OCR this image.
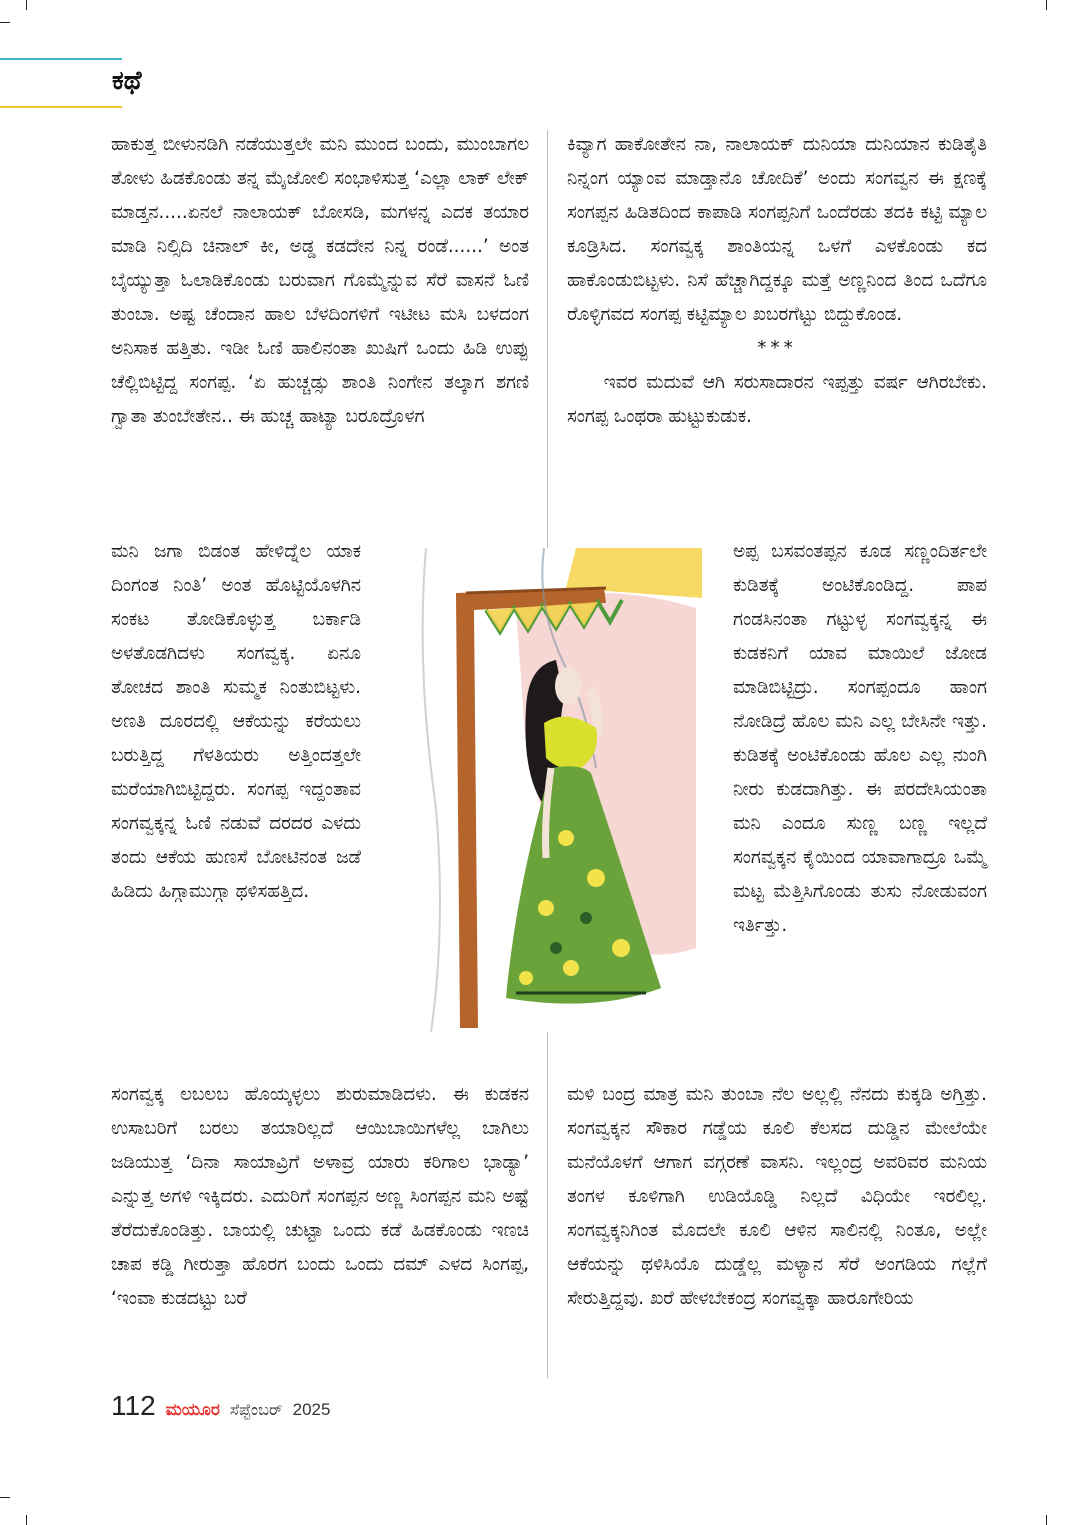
ಕಥೆ

ಹಾಕುತ್ತ ಬೀಳುನಡಿಗಿ ನಡೆಯುತ್ತಲೇ ಮನಿ ಮುಂದ ಬಂದು, ಮುಂಬಾಗಲ ತೋಳು ಹಿಡಕೊಂಡು ತನ್ನ ಮೈಜೋಲಿ ಸಂಭಾಳಿಸುತ್ತ ‘ಎಲ್ಲಾ ಲಾಕ್ ಲೇಕ್ ಮಾಡ್ತನ.....ಏನಲೆ ನಾಲಾಯಕ್ ಬೋಸಡಿ, ಮಗಳನ್ನ ಎದಕ ತಯಾರ ಮಾಡಿ ನಿಲ್ಸಿದಿ ಚಿನಾಲ್ ಕೀ, ಅಡ್ಡ ಕಡದೇನ ನಿನ್ನ ರಂಡೆ......’ ಅಂತ ಬೈಯ್ಯುತ್ತಾ ಓಲಾಡಿಕೊಂಡು ಬರುವಾಗ ಗೊಮ್ಮೆನ್ನುವ ಸೆರೆ ವಾಸನೆ ಓಣಿ ತುಂಬಾ. ಅಷ್ಟ ಚೆಂದಾನ ಹಾಲ ಬೆಳದಿಂಗಳಿಗೆ ಇಟೀಟ ಮಸಿ ಬಳದಂಗ ಅನಿಸಾಕ ಹತ್ತಿತು. ಇಡೀ ಓಣಿ ಹಾಲಿನಂತಾ ಖುಷಿಗೆ ಒಂದು ಹಿಡಿ ಉಪ್ಪು ಚೆಲ್ಲಿಬಿಟ್ಟಿದ್ದ ಸಂಗಪ್ಪ. ‘ಏ ಹುಚ್ಚಡ್ಸು ಶಾಂತಿ ನಿಂಗೇನ ತಲ್ಕಾಗ ಶಗಣಿ ಗ್ವಾತಾ ತುಂಬೇತೇನ.. ಈ ಹುಚ್ಚ ಹಾಟ್ಯಾ ಬರೂದ್ರೊಳಗ

ಮನಿ ಜಗಾ ಬಿಡಂತ ಹೇಳಿದ್ನೆಲ ಯಾಕ ದಿಂಗಂತ ನಿಂತಿ’ ಅಂತ ಹೊಟ್ಟಿಯೊಳಗಿನ ಸಂಕಟ ತೋಡಿಕೊಳ್ಳುತ್ತ ಬರ್ಕಾಡಿ ಅಳತೊಡಗಿದಳು ಸಂಗವ್ವಕ್ಕ. ಏನೂ ತೋಚದ ಶಾಂತಿ ಸುಮ್ಮಕ ನಿಂತುಬಿಟ್ಟಳು. ಅಣತಿ ದೂರದಲ್ಲಿ ಆಕೆಯನ್ನು ಕರೆಯಲು ಬರುತ್ತಿದ್ದ ಗೆಳತಿಯರು ಅತ್ತಿಂದತ್ತಲೇ ಮರೆಯಾಗಿಬಿಟ್ಟಿದ್ದರು. ಸಂಗಪ್ಪ ಇದ್ದಂತಾವ ಸಂಗವ್ವಕ್ಕನ್ನ ಓಣಿ ನಡುವೆ ದರದರ ಎಳದು ತಂದು ಆಕೆಯ ಹುಣಸೆ ಬೋಟಿನಂತ ಜಡೆ ಹಿಡಿದು ಹಿಗ್ಗಾಮುಗ್ಗಾ ಥಳಿಸಹತ್ತಿದ.

ಸಂಗವ್ವಕ್ಕ ಲಬಲಬ ಹೊಯ್ಕಳ್ಳಲು ಶುರುಮಾಡಿದಳು. ಈ ಕುಡಕನ ಉಸಾಬರಿಗೆ ಬರಲು ತಯಾರಿಲ್ಲದೆ ಆಯಿಬಾಯಿಗಳೆಲ್ಲ ಬಾಗಿಲು ಜಡಿಯುತ್ತ ‘ದಿನಾ ಸಾಯಾವ್ರಿಗೆ ಅಳಾವ್ರ ಯಾರು ಕರಿಗಾಲ ಭಾಡ್ಯಾ’ ಎನ್ನುತ್ತ ಅಗಳಿ ಇಕ್ಕಿದರು. ಎದುರಿಗೆ ಸಂಗಪ್ಪನ ಅಣ್ಣ ಸಿಂಗಪ್ಪನ ಮನಿ ಅಷ್ಟೆ ತೆರೆದುಕೊಂಡಿತ್ತು. ಬಾಯಲ್ಲಿ ಚುಟ್ಟಾ ಒಂದು ಕಡೆ ಹಿಡಕೊಂಡು ಇಣಚಿ ಚಾಪ ಕಡ್ಡಿ ಗೀರುತ್ತಾ ಹೊರಗ ಬಂದು ಒಂದು ದಮ್ ಎಳದ ಸಿಂಗಪ್ಪ, ‘ಇಂವಾ ಕುಡದಟ್ಟು ಬರೆ

ಕಿವ್ಯಾಗ ಹಾಕೋತೇನ ನಾ, ನಾಲಾಯಕ್ ದುನಿಯಾ ದುನಿಯಾನ ಕುಡಿತೈತಿ ನಿನ್ನಂಗ ಯ್ಯಾಂವ ಮಾಡ್ತಾನೊ ಚೋದಿಕೆ’ ಅಂದು ಸಂಗವ್ವನ ಈ ಕ್ಷಣಕ್ಕೆ ಸಂಗಪ್ಪನ ಹಿಡಿತದಿಂದ ಕಾಪಾಡಿ ಸಂಗಪ್ಪನಿಗೆ ಒಂದೆರಡು ತದಕಿ ಕಟ್ಟಿ ಮ್ಯಾಲ ಕೂಡ್ರಿಸಿದ. ಸಂಗವ್ವಕ್ಕ ಶಾಂತಿಯನ್ನ ಒಳಗೆ ಎಳಕೊಂಡು ಕದ ಹಾಕೊಂಡುಬಿಟ್ಟಳು. ನಿಸೆ ಹೆಚ್ಚಾಗಿದ್ದಕ್ಕೂ ಮತ್ತೆ ಅಣ್ಣನಿಂದ ತಿಂದ ಒದೆಗೂ ರೊಳ್ಳಿಗವದ ಸಂಗಪ್ಪ ಕಟ್ಟಿಮ್ಯಾಲ ಖಬರಗೆಟ್ಟು ಬಿದ್ದುಕೊಂಡ.

***

ಇವರ ಮದುವೆ ಆಗಿ ಸರುಸಾದಾರನ ಇಪ್ಪತ್ತು ವರ್ಷ ಆಗಿರಬೇಕು. ಸಂಗಪ್ಪ ಒಂಥರಾ ಹುಟ್ಟುಕುಡುಕ.

ಅಪ್ಪ ಬಸವಂತಪ್ಪನ ಕೂಡ ಸಣ್ಣಂದಿರ್ತಲೇ ಕುಡಿತಕ್ಕೆ ಅಂಟಿಕೊಂಡಿದ್ದ. ಪಾಪ ಗಂಡಸಿನಂತಾ ಗಟ್ಟುಳ್ಳ ಸಂಗವ್ವಕ್ಕನ್ನ ಈ ಕುಡಕನಿಗೆ ಯಾವ ಮಾಯಿಲೆ ಜೋಡ ಮಾಡಿಬಿಟ್ಟಿದ್ರು. ಸಂಗಪ್ಪಂದೂ ಹಾಂಗ ನೋಡಿದ್ರೆ ಹೊಲ ಮನಿ ಎಲ್ಲ ಬೇಸಿನೇ ಇತ್ತು. ಕುಡಿತಕ್ಕೆ ಅಂಟಿಕೊಂಡು ಹೊಲ ಎಲ್ಲ ನುಂಗಿ ನೀರು ಕುಡದಾಗಿತ್ತು. ಈ ಪರದೇಸಿಯಂತಾ ಮನಿ ಎಂದೂ ಸುಣ್ಣ ಬಣ್ಣ ಇಲ್ಲದೆ ಸಂಗವ್ವಕ್ಕನ ಕೈಯಿಂದ ಯಾವಾಗಾದ್ರೂ ಒಮ್ಮೆ ಮಟ್ಟ ಮೆತ್ತಿಸಿಗೊಂಡು ತುಸು ನೋಡುವಂಗ ಇರ್ತಿತ್ತು.

ಮಳಿ ಬಂದ್ರ ಮಾತ್ರ ಮನಿ ತುಂಬಾ ನೆಲ ಅಲ್ಲಲ್ಲಿ ನೆನದು ಕುಕ್ಕಡಿ ಅಗ್ತಿತ್ತು. ಸಂಗವ್ವಕ್ಕನ ಸೌಕಾರ ಗಡ್ಡೆಯ ಕೂಲಿ ಕೆಲಸದ ದುಡ್ಡಿನ ಮೇಲೆಯೇ ಮನೆಯೊಳಗೆ ಆಗಾಗ ವಗ್ಗರಣೆ ವಾಸನಿ. ಇಲ್ಲಂದ್ರ ಅವರಿವರ ಮನಿಯ ತಂಗಳ ಕೂಳಿಗಾಗಿ ಉಡಿಯೊಡ್ಡಿ ನಿಲ್ಲದೆ ವಿಧಿಯೇ ಇರಲಿಲ್ಲ. ಸಂಗವ್ವಕ್ಕನಿಗಿಂತ ಮೊದಲೇ ಕೂಲಿ ಆಳಿನ ಸಾಲಿನಲ್ಲಿ ನಿಂತೂ, ಅಲ್ಲೇ ಆಕೆಯನ್ನು ಥಳಿಸಿಯೊ ದುಡ್ಡೆಲ್ಲ ಮಳ್ಯಾನ ಸೆರೆ ಅಂಗಡಿಯ ಗಲ್ಲೆಗೆ ಸೇರುತ್ತಿದ್ದವು. ಖರೆ ಹೇಳಬೇಕಂದ್ರ ಸಂಗವ್ವಕ್ಕಾ ಹಾರೂಗೇರಿಯ

112 ಮಯೂರ ಸೆಪ್ಟೆಂಬರ್ 2025
